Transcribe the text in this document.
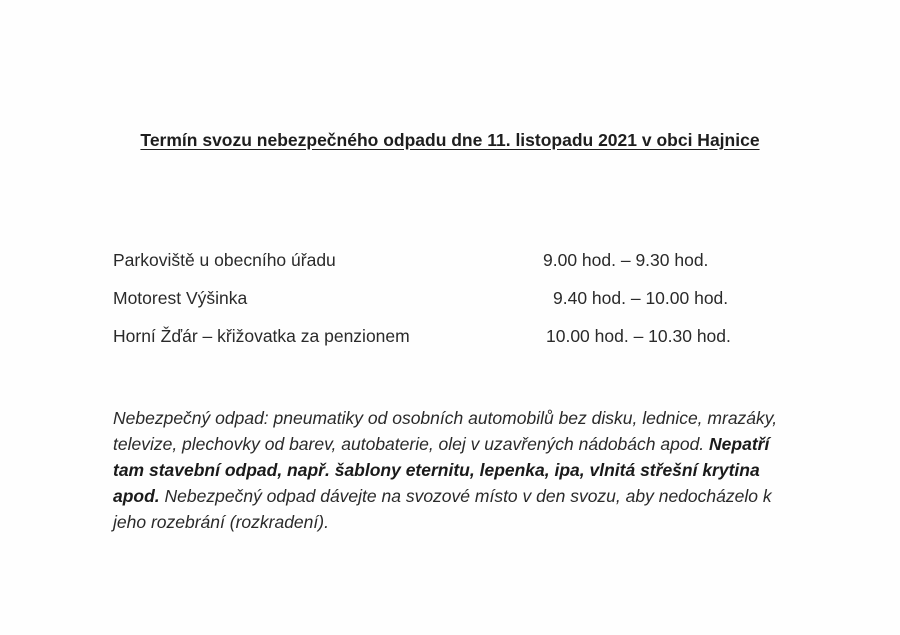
Termín svozu nebezpečného odpadu dne 11. listopadu 2021 v obci Hajnice
Parkoviště u obecního úřadu	9.00 hod. – 9.30 hod.
Motorest Výšinka	9.40 hod. – 10.00 hod.
Horní Žďár – křižovatka za penzionem	10.00 hod. – 10.30 hod.
Nebezpečný odpad: pneumatiky od osobních automobilů bez disku, lednice, mrazáky, televize, plechovky od barev, autobaterie, olej v uzavřených nádobách apod. Nepatří tam stavební odpad, např. šablony eternitu, lepenka, ipa, vlnitá střešní krytina apod. Nebezpečný odpad dávejte na svozové místo v den svozu, aby nedocházelo k jeho rozebrání (rozkradení).
